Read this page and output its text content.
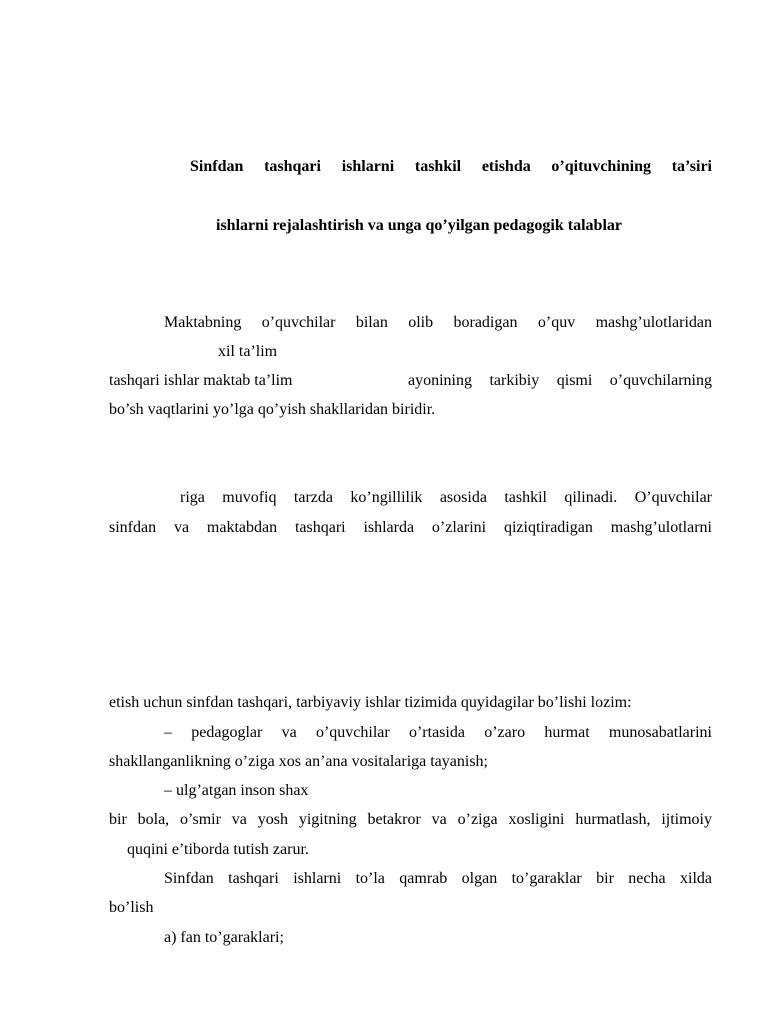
Sinfdan tashqari ishlarni tashkil etishda o’qituvchining ta’siri
ishlarni rejalashtirish va unga qo’yilgan pedagogik talablar
Maktabning o’quvchilar bilan olib boradigan o’quv mashg’ulotlaridan
xil ta’lim
tashqari ishlar maktab ta’lim	ayonining tarkibiy qismi o’quvchilarning
bo’sh vaqtlarini yo’lga qo’yish shakllaridan biridir.
riga muvofiq tarzda ko’ngillilik asosida tashkil qilinadi. O’quvchilar
sinfdan va maktabdan tashqari ishlarda o’zlarini qiziqtiradigan mashg’ulotlarni
etish uchun sinfdan tashqari, tarbiyaviy ishlar tizimida quyidagilar bo’lishi lozim:
– pedagoglar va o’quvchilar o’rtasida o’zaro hurmat munosabatlarini
shakllanganlikning o’ziga xos an’ana vositalariga tayanish;
– ulg’atgan inson shax
bir bola, o’smir va yosh yigitning betakror va o’ziga xosligini hurmatlash, ijtimoiy
quqini e’tiborda tutish zarur.
Sinfdan tashqari ishlarni to’la qamrab olgan to’garaklar bir necha xilda
bo’lish
a) fan to’garaklari;
